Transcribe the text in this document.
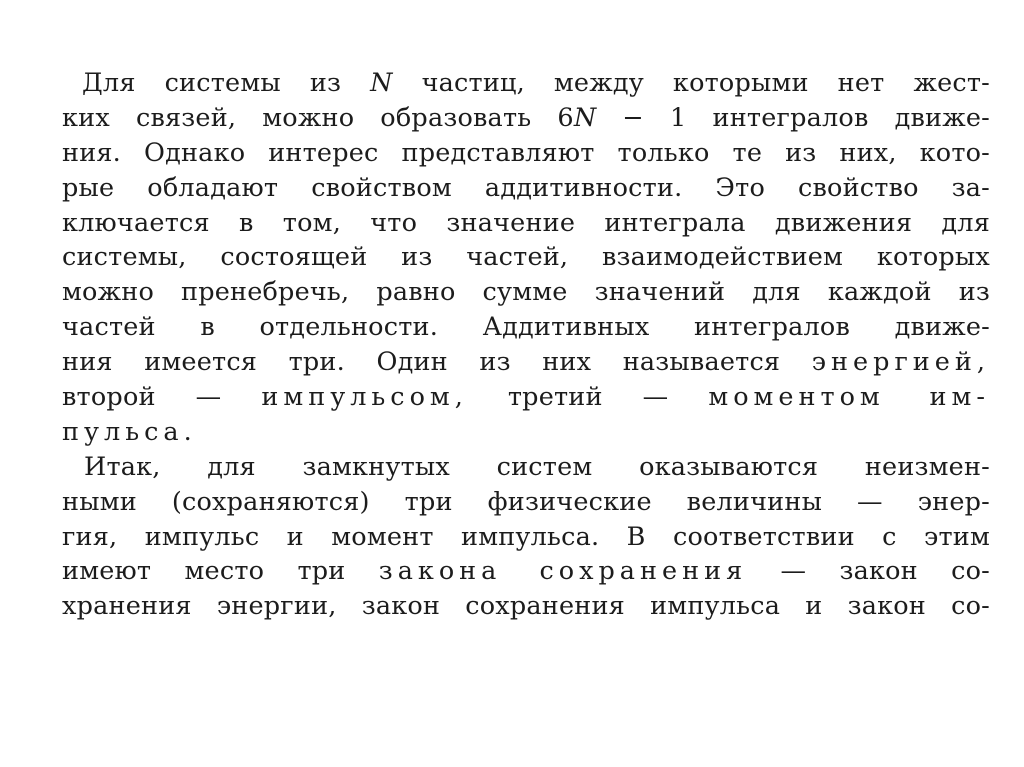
Для системы из N частиц, между которыми нет жест-
ких связей, можно образовать 6N − 1 интегралов движе-
ния. Однако интерес представляют только те из них, кото-
рые обладают свойством аддитивности. Это свойство за-
ключается в том, что значение интеграла движения для
системы, состоящей из частей, взаимодействием которых
можно пренебречь, равно сумме значений для каждой из
частей в отдельности. Аддитивных интегралов движе-
ния имеется три. Один из них называется энергией,
второй — импульсом, третий — моментом им-
пульса.
Итак, для замкнутых систем оказываются неизмен-
ными (сохраняются) три физические величины — энер-
гия, импульс и момент импульса. В соответствии с этим
имеют место три закона сохранения — закон со-
хранения энергии, закон сохранения импульса и закон со-
